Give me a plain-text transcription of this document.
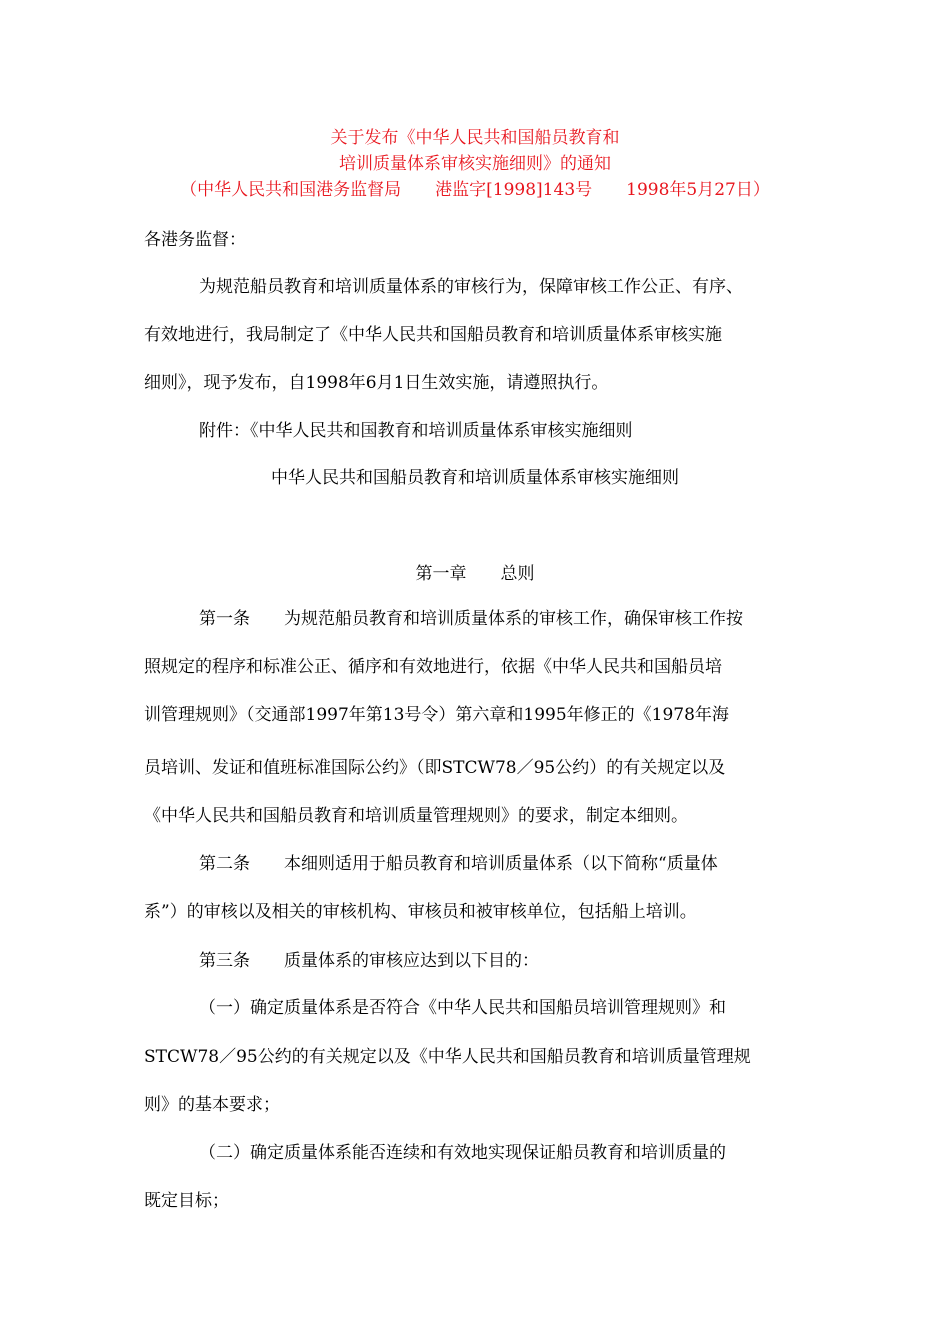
关于发布《中华人民共和国船员教育和

培训质量体系审核实施细则》的通知

（中华人民共和国港务监督局　　港监字[1998]143号　　1998年5月27日）

各港务监督：

为规范船员教育和培训质量体系的审核行为，保障审核工作公正、有序、

有效地进行，我局制定了《中华人民共和国船员教育和培训质量体系审核实施

细则》，现予发布，自1998年6月1日生效实施，请遵照执行。

附件：《中华人民共和国教育和培训质量体系审核实施细则

中华人民共和国船员教育和培训质量体系审核实施细则

第一章　　总则

第一条　　为规范船员教育和培训质量体系的审核工作，确保审核工作按

照规定的程序和标准公正、循序和有效地进行，依据《中华人民共和国船员培

训管理规则》（交通部1997年第13号令）第六章和1995年修正的《1978年海

员培训、发证和值班标准国际公约》（即STCW78／95公约）的有关规定以及

《中华人民共和国船员教育和培训质量管理规则》的要求，制定本细则。

第二条　　本细则适用于船员教育和培训质量体系（以下简称“质量体

系”）的审核以及相关的审核机构、审核员和被审核单位，包括船上培训。

第三条　　质量体系的审核应达到以下目的：

（一）确定质量体系是否符合《中华人民共和国船员培训管理规则》和

STCW78／95公约的有关规定以及《中华人民共和国船员教育和培训质量管理规

则》的基本要求；

（二）确定质量体系能否连续和有效地实现保证船员教育和培训质量的

既定目标；
